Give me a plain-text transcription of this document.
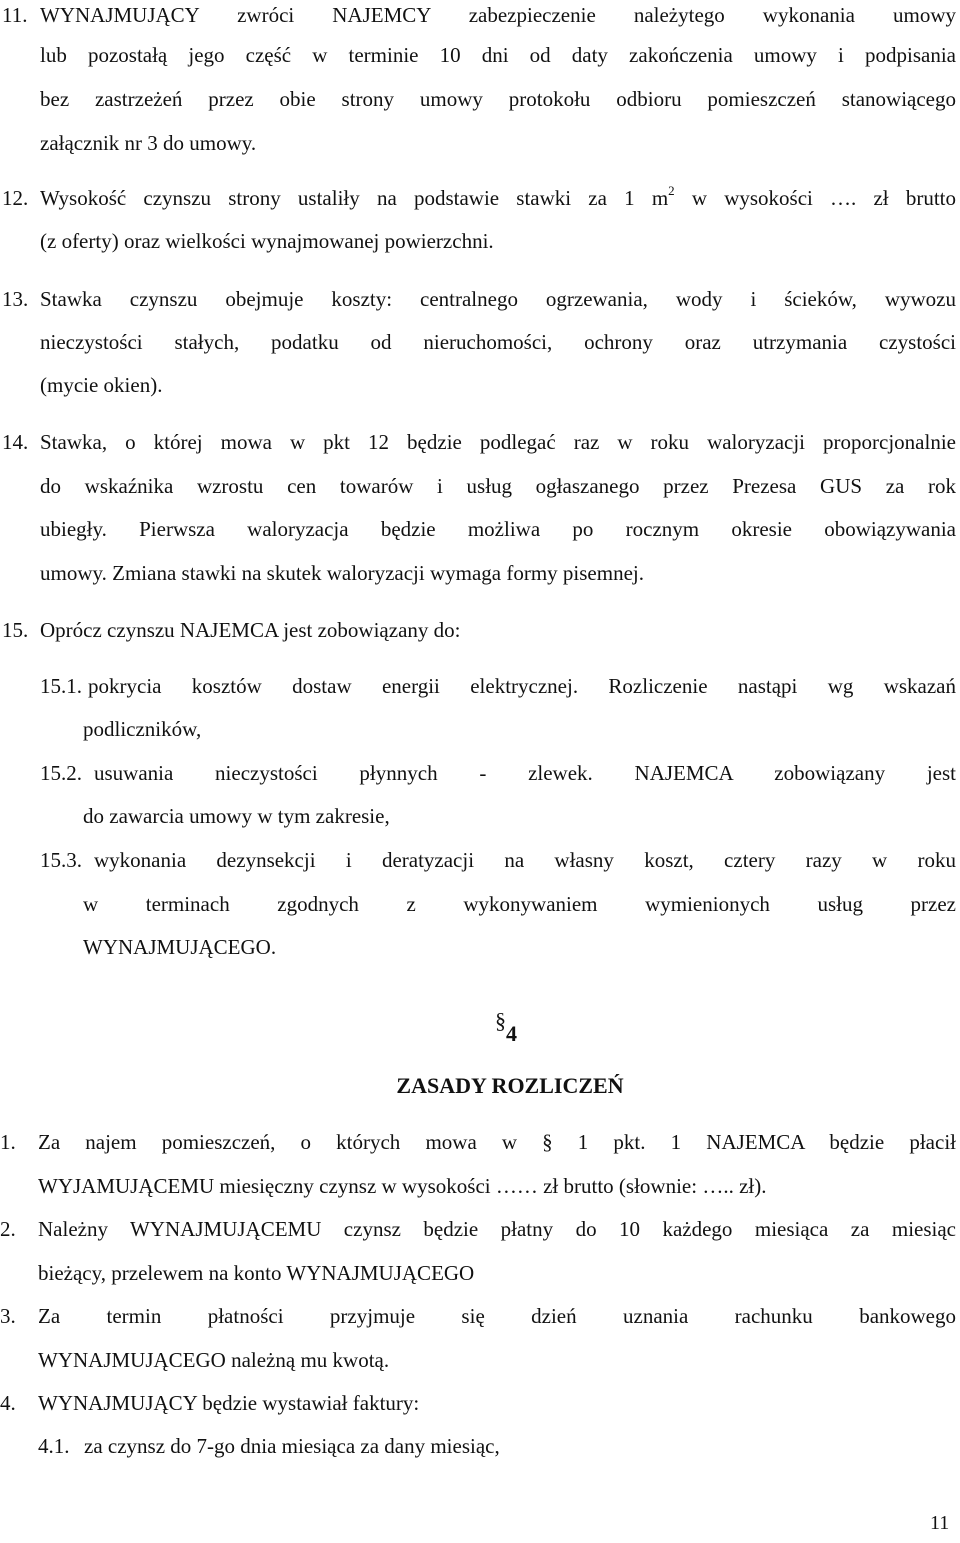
11. WYNAJMUJĄCY zwróci NAJEMCY zabezpieczenie należytego wykonania umowy
lub pozostałą jego część w terminie 10 dni od daty zakończenia umowy i podpisania
bez zastrzeżeń przez obie strony umowy protokołu odbioru pomieszczeń stanowiącego
załącznik nr 3 do umowy.
12. Wysokość czynszu strony ustaliły na podstawie stawki za 1 $m^2$ w wysokości …. zł brutto
(z oferty) oraz wielkości wynajmowanej powierzchni.
13. Stawka czynszu obejmuje koszty: centralnego ogrzewania, wody i ścieków, wywozu
nieczystości stałych, podatku od nieruchomości, ochrony oraz utrzymania czystości
(mycie okien).
14. Stawka, o której mowa w pkt 12 będzie podlegać raz w roku waloryzacji proporcjonalnie
do wskaźnika wzrostu cen towarów i usług ogłaszanego przez Prezesa GUS za rok
ubiegły. Pierwsza waloryzacja będzie możliwa po rocznym okresie obowiązywania
umowy. Zmiana stawki na skutek waloryzacji wymaga formy pisemnej.
15. Oprócz czynszu NAJEMCA jest zobowiązany do:
15.1. pokrycia kosztów dostaw energii elektrycznej. Rozliczenie nastąpi wg wskazań
podliczników,
15.2. usuwania nieczystości płynnych - zlewek. NAJEMCA zobowiązany jest
do zawarcia umowy w tym zakresie,
15.3. wykonania dezynsekcji i deratyzacji na własny koszt, cztery razy w roku
w terminach zgodnych z wykonywaniem wymienionych usług przez
WYNAJMUJĄCEGO.
§4
ZASADY ROZLICZEŃ
1. Za najem pomieszczeń, o których mowa w § 1 pkt. 1 NAJEMCA będzie płacił
WYJAMUJĄCEMU miesięczny czynsz w wysokości …… zł brutto (słownie: ….. zł).
2. Należny WYNAJMUJĄCEMU czynsz będzie płatny do 10 każdego miesiąca za miesiąc
bieżący, przelewem na konto WYNAJMUJĄCEGO
3. Za termin płatności przyjmuje się dzień uznania rachunku bankowego
WYNAJMUJĄCEGO należną mu kwotą.
4. WYNAJMUJĄCY będzie wystawiał faktury:
4.1. za czynsz do 7-go dnia miesiąca za dany miesiąc,
11
